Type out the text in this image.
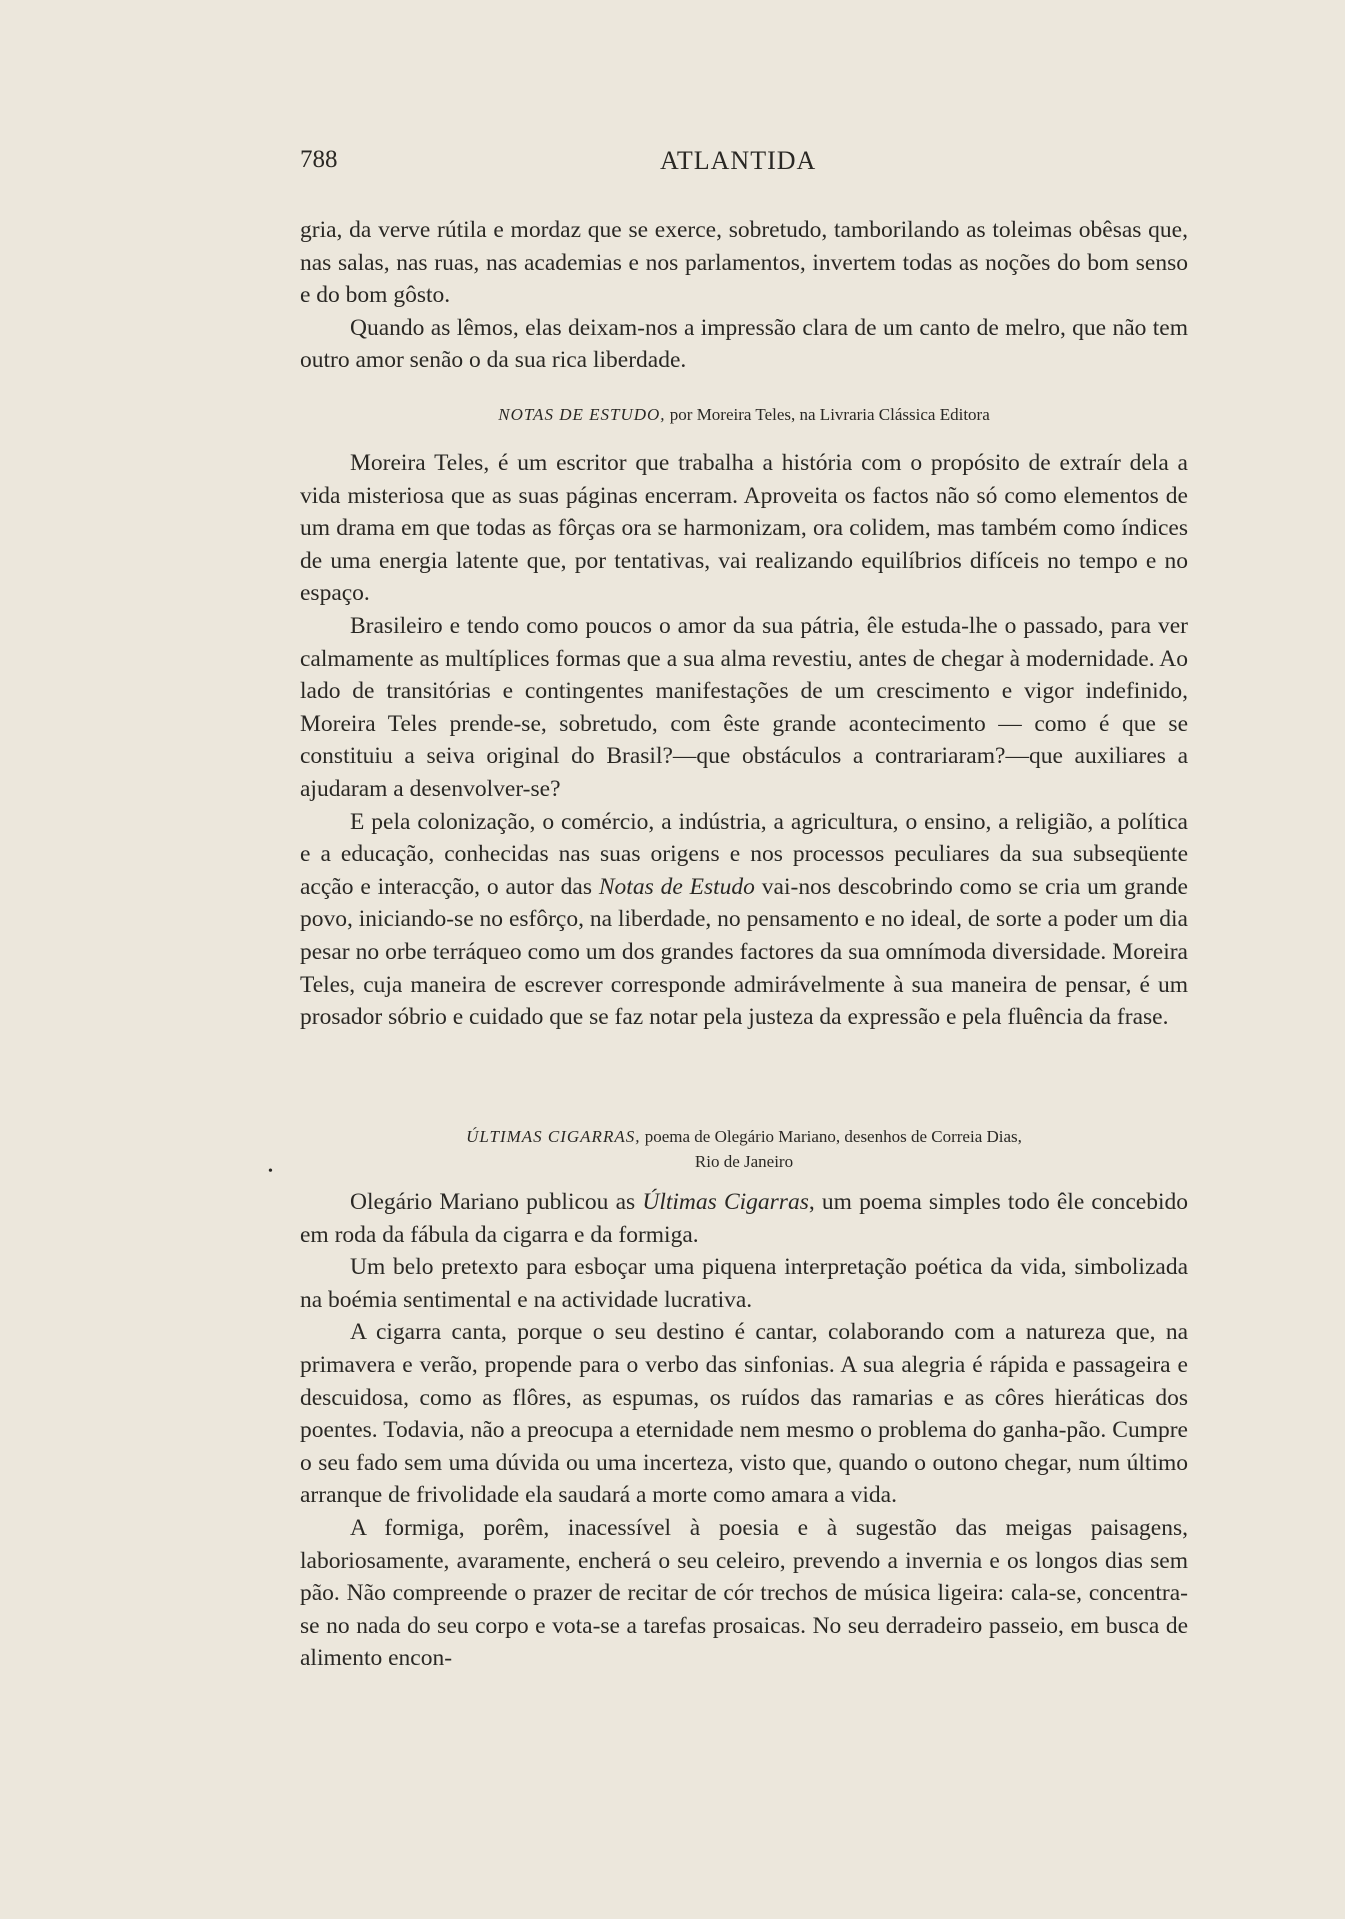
788	ATLANTIDA

gria, da verve rútila e mordaz que se exerce, sobretudo, tamborilando as toleimas obêsas que, nas salas, nas ruas, nas academias e nos parlamentos, invertem todas as noções do bom senso e do bom gôsto.

Quando as lêmos, elas deixam-nos a impressão clara de um canto de melro, que não tem outro amor senão o da sua rica liberdade.

NOTAS DE ESTUDO, por Moreira Teles, na Livraria Clássica Editora

Moreira Teles, é um escritor que trabalha a história com o propósito de extraír dela a vida misteriosa que as suas páginas encerram. Aproveita os factos não só como elementos de um drama em que todas as fôrças ora se harmonizam, ora colidem, mas também como índices de uma energia latente que, por tentativas, vai realizando equilíbrios difíceis no tempo e no espaço.

Brasileiro e tendo como poucos o amor da sua pátria, êle estuda-lhe o passado, para ver calmamente as multíplices formas que a sua alma revestiu, antes de chegar à modernidade. Ao lado de transitórias e contingentes manifestações de um crescimento e vigor indefinido, Moreira Teles prende-se, sobretudo, com êste grande acontecimento — como é que se constituiu a seiva original do Brasil?—que obstáculos a contrariaram?—que auxiliares a ajudaram a desenvolver-se?

E pela colonização, o comércio, a indústria, a agricultura, o ensino, a religião, a política e a educação, conhecidas nas suas origens e nos processos peculiares da sua subseqüente acção e interacção, o autor das Notas de Estudo vai-nos descobrindo como se cria um grande povo, iniciando-se no esfôrço, na liberdade, no pensamento e no ideal, de sorte a poder um dia pesar no orbe terráqueo como um dos grandes factores da sua omnímoda diversidade. Moreira Teles, cuja maneira de escrever corresponde admirávelmente à sua maneira de pensar, é um prosador sóbrio e cuidado que se faz notar pela justeza da expressão e pela fluência da frase.

ÚLTIMAS CIGARRAS, poema de Olegário Mariano, desenhos de Correia Dias,
Rio de Janeiro
•

Olegário Mariano publicou as Últimas Cigarras, um poema simples todo êle concebido em roda da fábula da cigarra e da formiga.

Um belo pretexto para esboçar uma piquena interpretação poética da vida, simbolizada na boémia sentimental e na actividade lucrativa.

A cigarra canta, porque o seu destino é cantar, colaborando com a natureza que, na primavera e verão, propende para o verbo das sinfonias. A sua alegria é rápida e passageira e descuidosa, como as flôres, as espumas, os ruídos das ramarias e as côres hieráticas dos poentes. Todavia, não a preocupa a eternidade nem mesmo o problema do ganha-pão. Cumpre o seu fado sem uma dúvida ou uma incerteza, visto que, quando o outono chegar, num último arranque de frivolidade ela saudará a morte como amara a vida.

A formiga, porêm, inacessível à poesia e à sugestão das meigas paisagens, laboriosamente, avaramente, encherá o seu celeiro, prevendo a invernia e os longos dias sem pão. Não compreende o prazer de recitar de cór trechos de música ligeira: cala-se, concentra-se no nada do seu corpo e vota-se a tarefas prosaicas. No seu derradeiro passeio, em busca de alimento encon-
